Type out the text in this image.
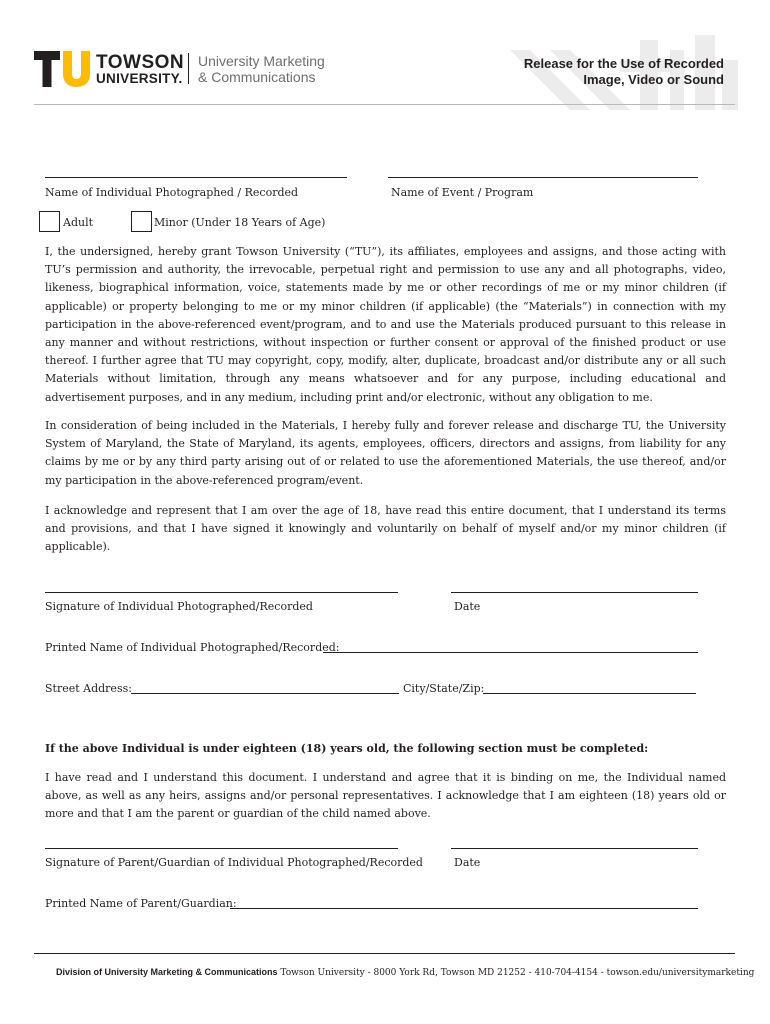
TOWSON
UNIVERSITY.
University Marketing
& Communications
Release for the Use of Recorded
Image, Video or Sound
Name of Individual Photographed / Recorded	Name of Event / Program
Adult	Minor (Under 18 Years of Age)
I, the undersigned, hereby grant Towson University (“TU”), its affiliates, employees and assigns, and those acting with TU’s permission and authority, the irrevocable, perpetual right and permission to use any and all photographs, video, likeness, biographical information, voice, statements made by me or other recordings of me or my minor children (if applicable) or property belonging to me or my minor children (if applicable) (the “Materials”) in connection with my participation in the above-referenced event/program, and to and use the Materials produced pursuant to this release in any manner and without restrictions, without inspection or further consent or approval of the finished product or use thereof. I further agree that TU may copyright, copy, modify, alter, duplicate, broadcast and/or distribute any or all such Materials without limitation, through any means whatsoever and for any purpose, including educational and advertisement purposes, and in any medium, including print and/or electronic, without any obligation to me.
In consideration of being included in the Materials, I hereby fully and forever release and discharge TU, the University System of Maryland, the State of Maryland, its agents, employees, officers, directors and assigns, from liability for any claims by me or by any third party arising out of or related to use the aforementioned Materials, the use thereof, and/or my participation in the above-referenced program/event.
I acknowledge and represent that I am over the age of 18, have read this entire document, that I understand its terms and provisions, and that I have signed it knowingly and voluntarily on behalf of myself and/or my minor children (if applicable).
Signature of Individual Photographed/Recorded	Date
Printed Name of Individual Photographed/Recorded:
Street Address:	City/State/Zip:
If the above Individual is under eighteen (18) years old, the following section must be completed:
I have read and I understand this document. I understand and agree that it is binding on me, the Individual named above, as well as any heirs, assigns and/or personal representatives. I acknowledge that I am eighteen (18) years old or more and that I am the parent or guardian of the child named above.
Signature of Parent/Guardian of Individual Photographed/Recorded	Date
Printed Name of Parent/Guardian:
Division of University Marketing & Communications Towson University - 8000 York Rd, Towson MD 21252 - 410-704-4154 - towson.edu/universitymarketing
